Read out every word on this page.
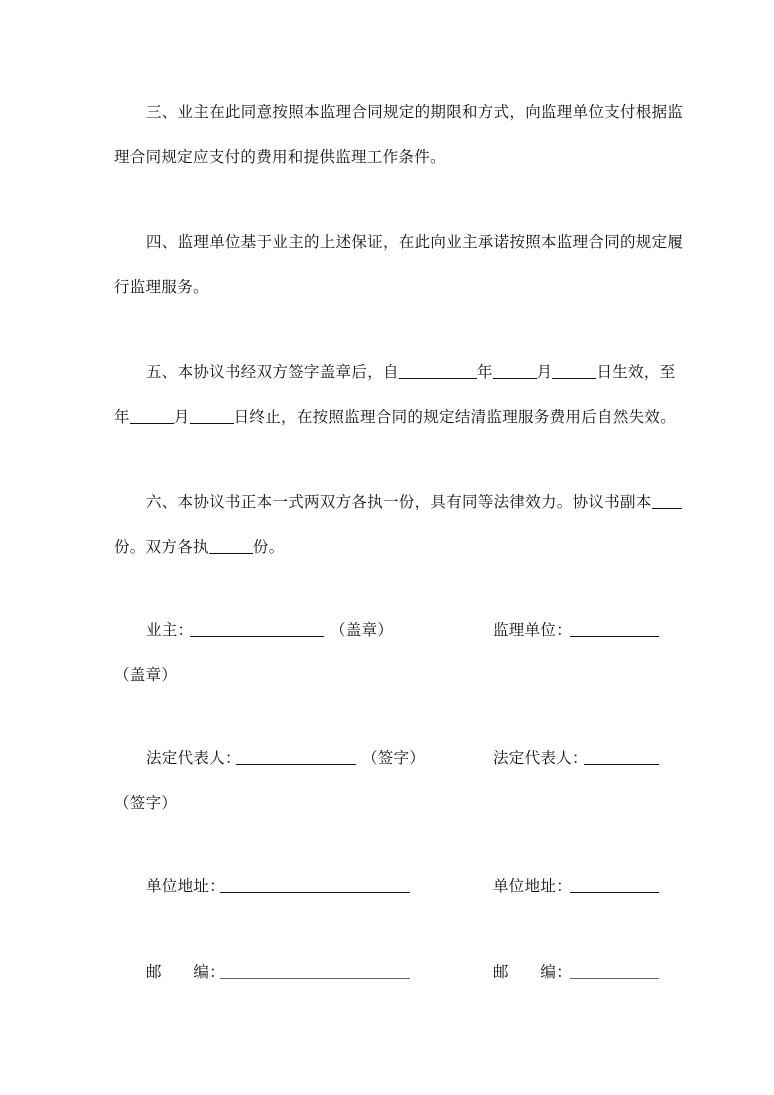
三、业主在此同意按照本监理合同规定的期限和方式，向监理单位支付根据监
理合同规定应支付的费用和提供监理工作条件。
四、监理单位基于业主的上述保证，在此向业主承诺按照本监理合同的规定履
行监理服务。
五、本协议书经双方签字盖章后，自	年	月	日生效，至
年	月	日终止，在按照监理合同的规定结清监理服务费用后自然失效。
六、本协议书正本一式两双方各执一份，具有同等法律效力。协议书副本
份。双方各执	份。
业主：	（盖章）	监理单位：
（盖章）
法定代表人：	（签字）	法定代表人：
（签字）
单位地址：	单位地址：
邮　　编：	邮　　编：
